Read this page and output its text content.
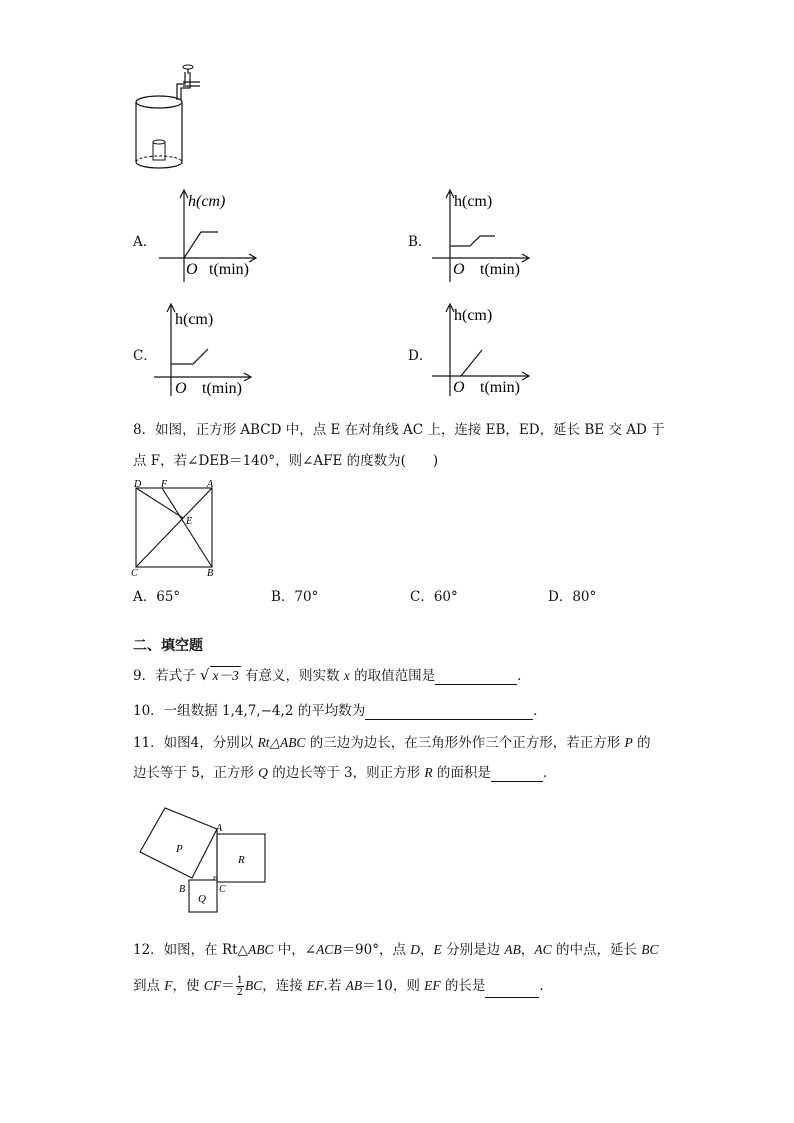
A．
h(cm)
O t(min)
B．
h(cm)
O t(min)
C．
h(cm)
O t(min)
D．
h(cm)
O t(min)
8．如图，正方形 ABCD 中，点 E 在对角线 AC 上，连接 EB，ED，延长 BE 交 AD 于
点 F，若∠DEB＝140°，则∠AFE 的度数为(　　)
D F	A
E
C	B
A．65°	B．70°	C．60°	D．80°
二、填空题
9．若式子 √ x－3 有意义，则实数 x 的取值范围是	．
10．一组数据 1,4,7,−4,2 的平均数为	．
11．如图4，分别以 Rt△ABC 的三边为边长，在三角形外作三个正方形，若正方形 P 的
边长等于 5，正方形 Q 的边长等于 3，则正方形 R 的面积是	．
P
R
Q
A
B	C
12．如图，在 Rt△ABC 中，∠ACB＝90°，点 D，E 分别是边 AB，AC 的中点，延长 BC
到点 F，使 $CF= \frac{1}{2}$ BC，连接 EF.若 AB＝10，则 EF 的长是	．
